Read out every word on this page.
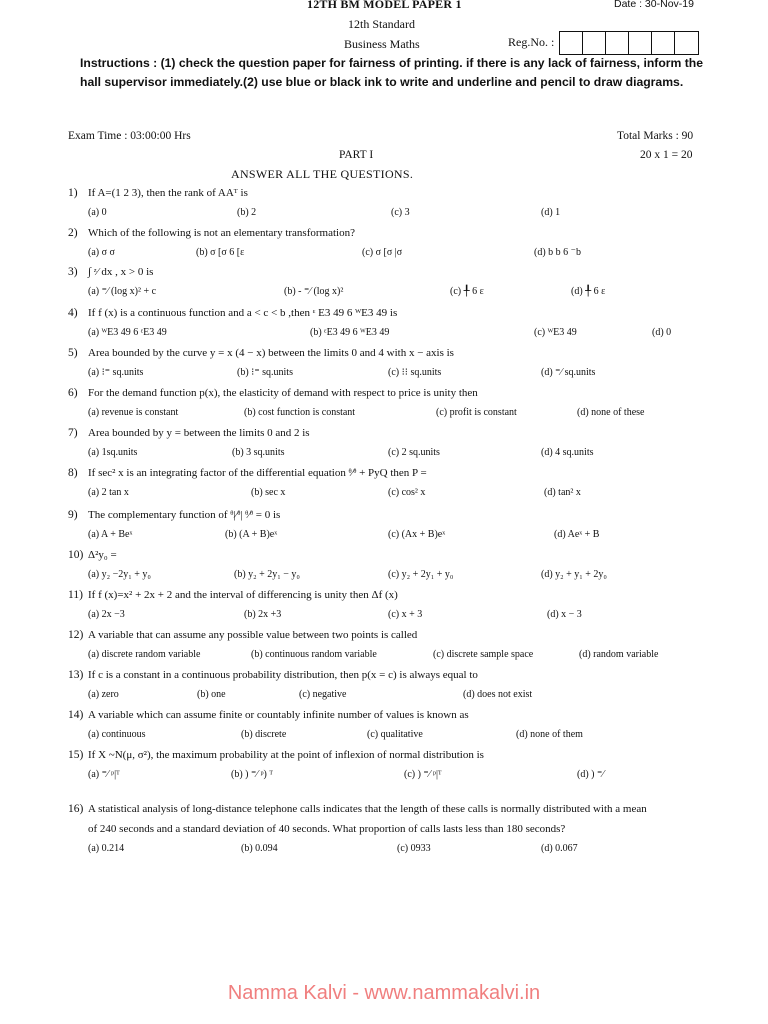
12TH BM MODEL PAPER 1	Date : 30-Nov-19
12th Standard
Business Maths	Reg.No. :
Instructions : (1) check the question paper for fairness of printing. if there is any lack of fairness, inform the hall supervisor immediately.(2) use blue or black ink to write and underline and pencil to draw diagrams.
Exam Time : 03:00:00 Hrs	Total Marks : 90
PART I	20 x 1 = 20
ANSWER ALL THE QUESTIONS.
1) If A=(1 2 3), then the rank of AAᵀ is
(a) 0	(b) 2	(c) 3	(d) 1
2) Which of the following is not an elementary transformation?
(a) σ σ	(b) σ [σ 6 [ε	(c) σ [σ |σ	(d) b b 6 ⁻b
3) ∫ ᶻ⁄ dx , x > 0 is
(a) ⁼⁄ (log x)² + c	(b) - ⁼⁄ (log x)²	(c) ╀ 6 ε	(d) ╀ 6 ε
4) If f (x) is a continuous function and a < c < b ,then ᵋ E3 49 6 ᵂE3 49 is
(a) ᵂE3 49 6 ᵋE3 49	(b) ᵋE3 49 6 ᵂE3 49	(c) ᵂE3 49	(d) 0
5) Area bounded by the curve y = x (4 − x) between the limits 0 and 4 with x − axis is
(a) ⁝⁼ sq.units	(b) ⁝⁼ sq.units	(c) ⁝⁝ sq.units	(d) ⁼⁄ sq.units
6) For the demand function p(x), the elasticity of demand with respect to price is unity then
(a) revenue is constant	(b) cost function is constant	(c) profit is constant	(d) none of these
7) Area bounded by y = between the limits 0 and 2 is
(a) 1sq.units	(b) 3 sq.units	(c) 2 sq.units	(d) 4 sq.units
8) If sec² x is an integrating factor of the differential equation ᶿ⁄ᶿ + PyQ then P =
(a) 2 tan x	(b) sec x	(c) cos² x	(d) tan² x
9) The complementary function of ᶿ|⁄ᶿ| ᶿ⁄ᶿ = 0 is
(a) A + Beˣ	(b) (A + B)eˣ	(c) (Ax + B)eˣ	(d) Aeˣ + B
10) Δ²y₀ =
(a) y₂ −2y₁ + y₀	(b) y₂ + 2y₁ − y₀	(c) y₂ + 2y₁ + y₀	(d) y₂ + y₁ + 2y₀
11) If f (x)=x² + 2x + 2 and the interval of differencing is unity then Δf (x)
(a) 2x −3	(b) 2x +3	(c) x + 3	(d) x − 3
12) A variable that can assume any possible value between two points is called
(a) discrete random variable	(b) continuous random variable	(c) discrete sample space	(d) random variable
13) If c is a constant in a continuous probability distribution, then p(x = c) is always equal to
(a) zero	(b) one	(c) negative	(d) does not exist
14) A variable which can assume finite or countably infinite number of values is known as
(a) continuous	(b) discrete	(c) qualitative	(d) none of them
15) If X ~N(μ, σ²), the maximum probability at the point of inflexion of normal distribution is
(a) ⁼⁄ ᵖ|ᵀ	(b) ) ⁼⁄ ᵖ) ᵀ	(c) ) ⁼⁄ ᵖ|ᵀ	(d) ) ⁼⁄
16) A statistical analysis of long-distance telephone calls indicates that the length of these calls is normally distributed with a mean
of 240 seconds and a standard deviation of 40 seconds. What proportion of calls lasts less than 180 seconds?
(a) 0.214	(b) 0.094	(c) 0933	(d) 0.067
Namma Kalvi - www.nammakalvi.in
